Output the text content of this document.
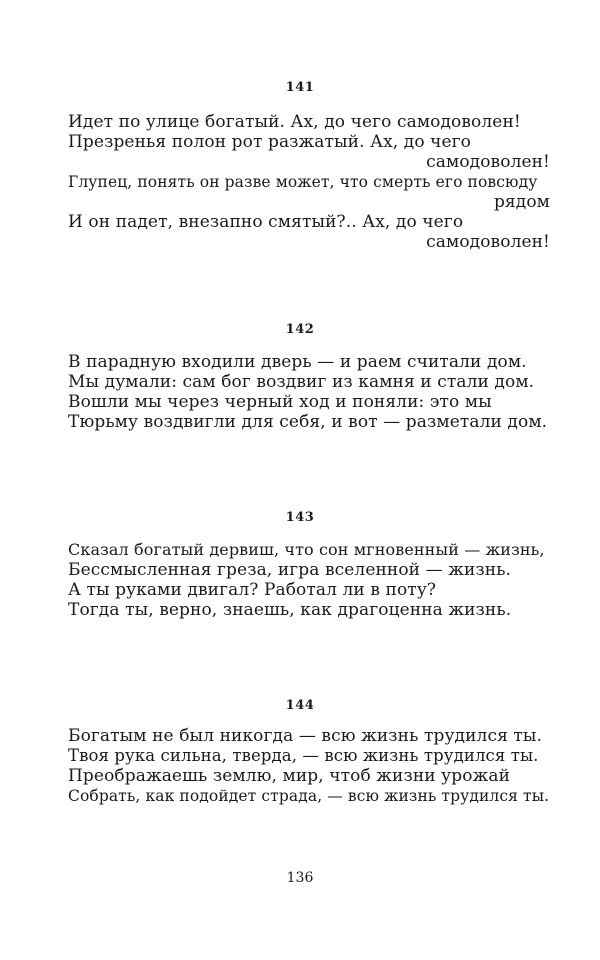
141
Идет по улице богатый. Ах, до чего самодоволен!
Презренья полон рот разжатый. Ах, до чего
самодоволен!
Глупец, понять он разве может, что смерть его повсюду
рядом
И он падет, внезапно смятый?.. Ах, до чего
самодоволен!
142
В парадную входили дверь — и раем считали дом.
Мы думали: сам бог воздвиг из камня и стали дом.
Вошли мы через черный ход и поняли: это мы
Тюрьму воздвигли для себя, и вот — разметали дом.
143
Сказал богатый дервиш, что сон мгновенный — жизнь,
Бессмысленная греза, игра вселенной — жизнь.
А ты руками двигал? Работал ли в поту?
Тогда ты, верно, знаешь, как драгоценна жизнь.
144
Богатым не был никогда — всю жизнь трудился ты.
Твоя рука сильна, тверда, — всю жизнь трудился ты.
Преображаешь землю, мир, чтоб жизни урожай
Собрать, как подойдет страда, — всю жизнь трудился ты.
136
